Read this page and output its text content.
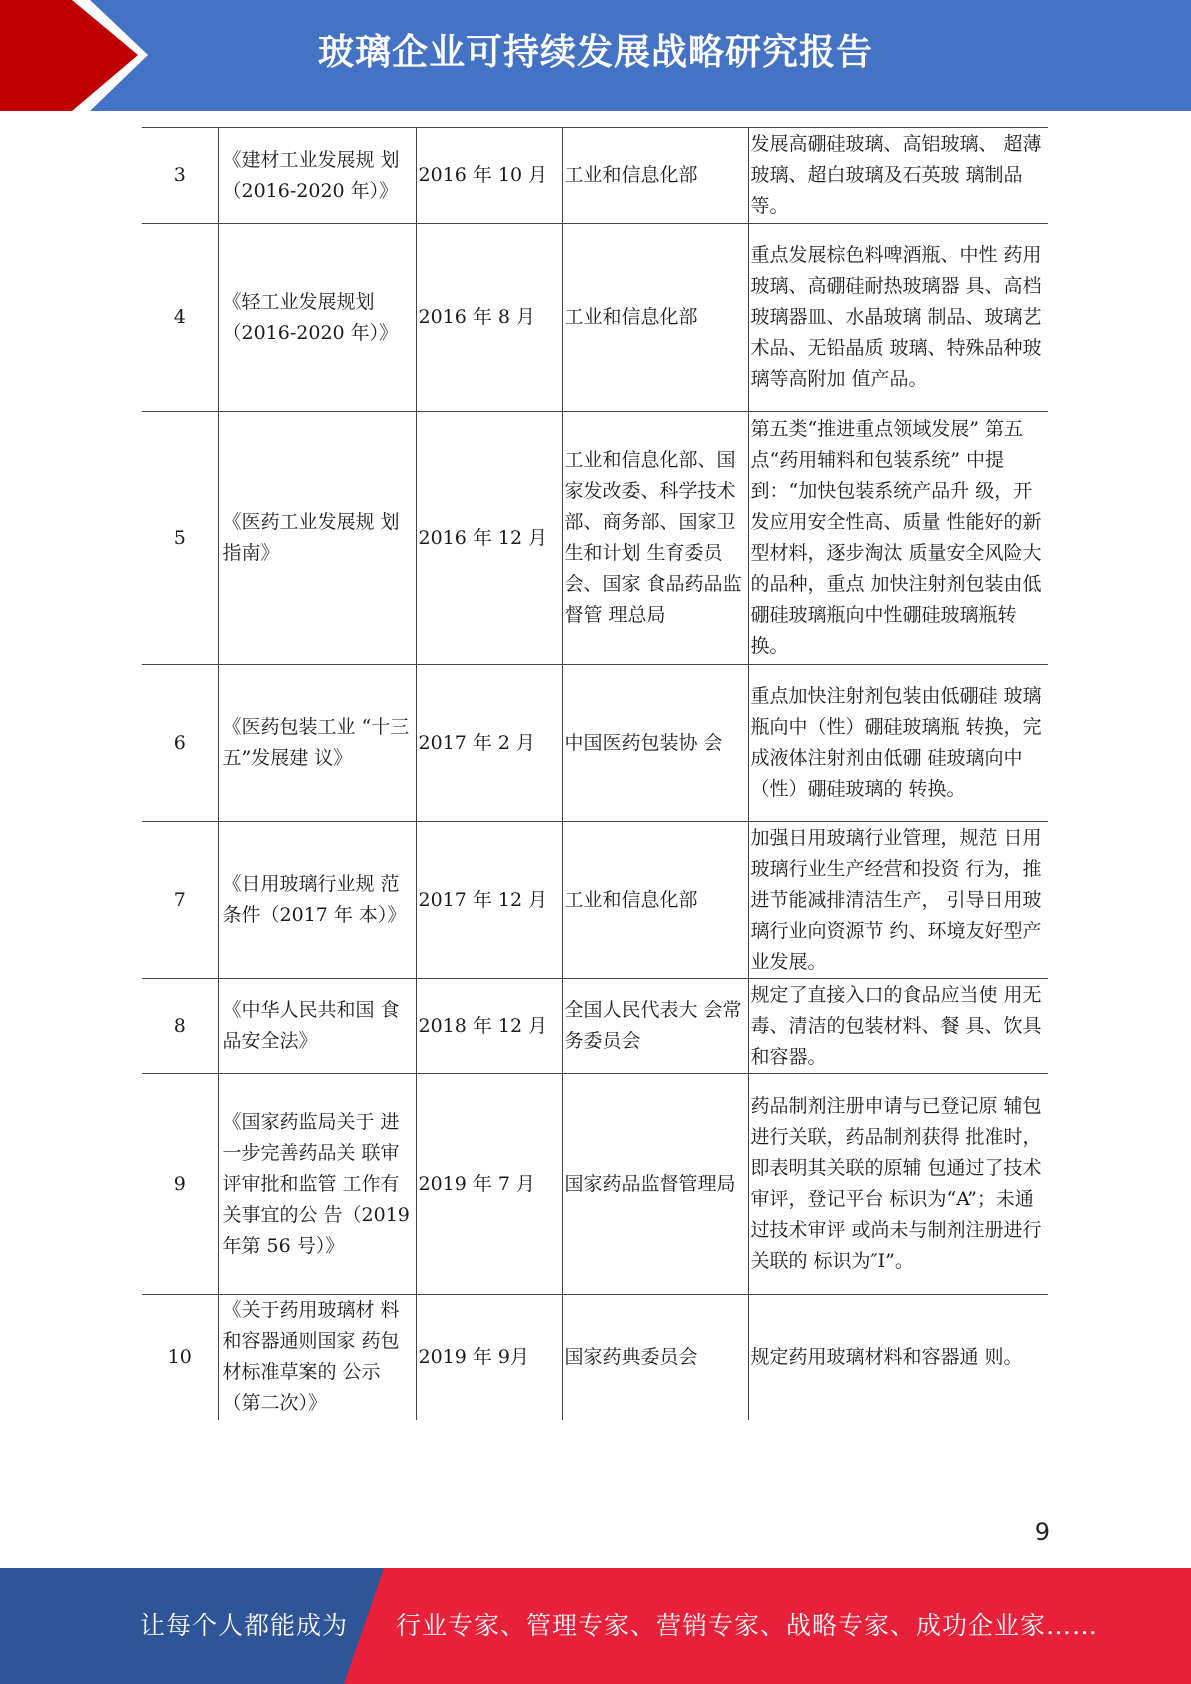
玻璃企业可持续发展战略研究报告
3	《建材工业发展规 划（2016-2020 年）》	2016 年 10 月	工业和信息化部	发展高硼硅玻璃、高铝玻璃、 超薄玻璃、超白玻璃及石英玻 璃制品等。
4	《轻工业发展规划（2016-2020 年）》	2016 年 8 月	工业和信息化部	重点发展棕色料啤酒瓶、中性 药用玻璃、高硼硅耐热玻璃器 具、高档玻璃器皿、水晶玻璃 制品、玻璃艺术品、无铅晶质 玻璃、特殊品种玻璃等高附加 值产品。
5	《医药工业发展规 划指南》	2016 年 12 月	工业和信息化部、国家发改委、科学技术部、商务部、国家卫生和计划 生育委员会、国家 食品药品监督管 理总局	第五类“推进重点领域发展” 第五点“药用辅料和包装系统” 中提到：“加快包装系统产品升 级，开发应用安全性高、质量 性能好的新型材料，逐步淘汰 质量安全风险大的品种，重点 加快注射剂包装由低硼硅玻璃瓶向中性硼硅玻璃瓶转换。
6	《医药包装工业 “十三五”发展建 议》	2017 年 2 月	中国医药包装协 会	重点加快注射剂包装由低硼硅 玻璃瓶向中（性）硼硅玻璃瓶 转换，完成液体注射剂由低硼 硅玻璃向中（性）硼硅玻璃的 转换。
7	《日用玻璃行业规 范条件（2017 年 本）》	2017 年 12 月	工业和信息化部	加强日用玻璃行业管理，规范 日用玻璃行业生产经营和投资 行为，推进节能减排清洁生产， 引导日用玻璃行业向资源节 约、环境友好型产业发展。
8	《中华人民共和国 食品安全法》	2018 年 12 月	全国人民代表大 会常务委员会	规定了直接入口的食品应当使 用无毒、清洁的包装材料、餐 具、饮具和容器。
9	《国家药监局关于 进一步完善药品关 联审评审批和监管 工作有关事宜的公 告（2019 年第 56 号）》	2019 年 7 月	国家药品监督管理局	药品制剂注册申请与已登记原 辅包进行关联，药品制剂获得 批准时，即表明其关联的原辅 包通过了技术审评，登记平台 标识为“A”；未通过技术审评 或尚未与制剂注册进行关联的 标识为″I”。
10	《关于药用玻璃材 料和容器通则国家 药包材标准草案的 公示（第二次）》	2019 年 9月	国家药典委员会	规定药用玻璃材料和容器通 则。
9
让每个人都能成为 行业专家、管理专家、营销专家、战略专家、成功企业家……
